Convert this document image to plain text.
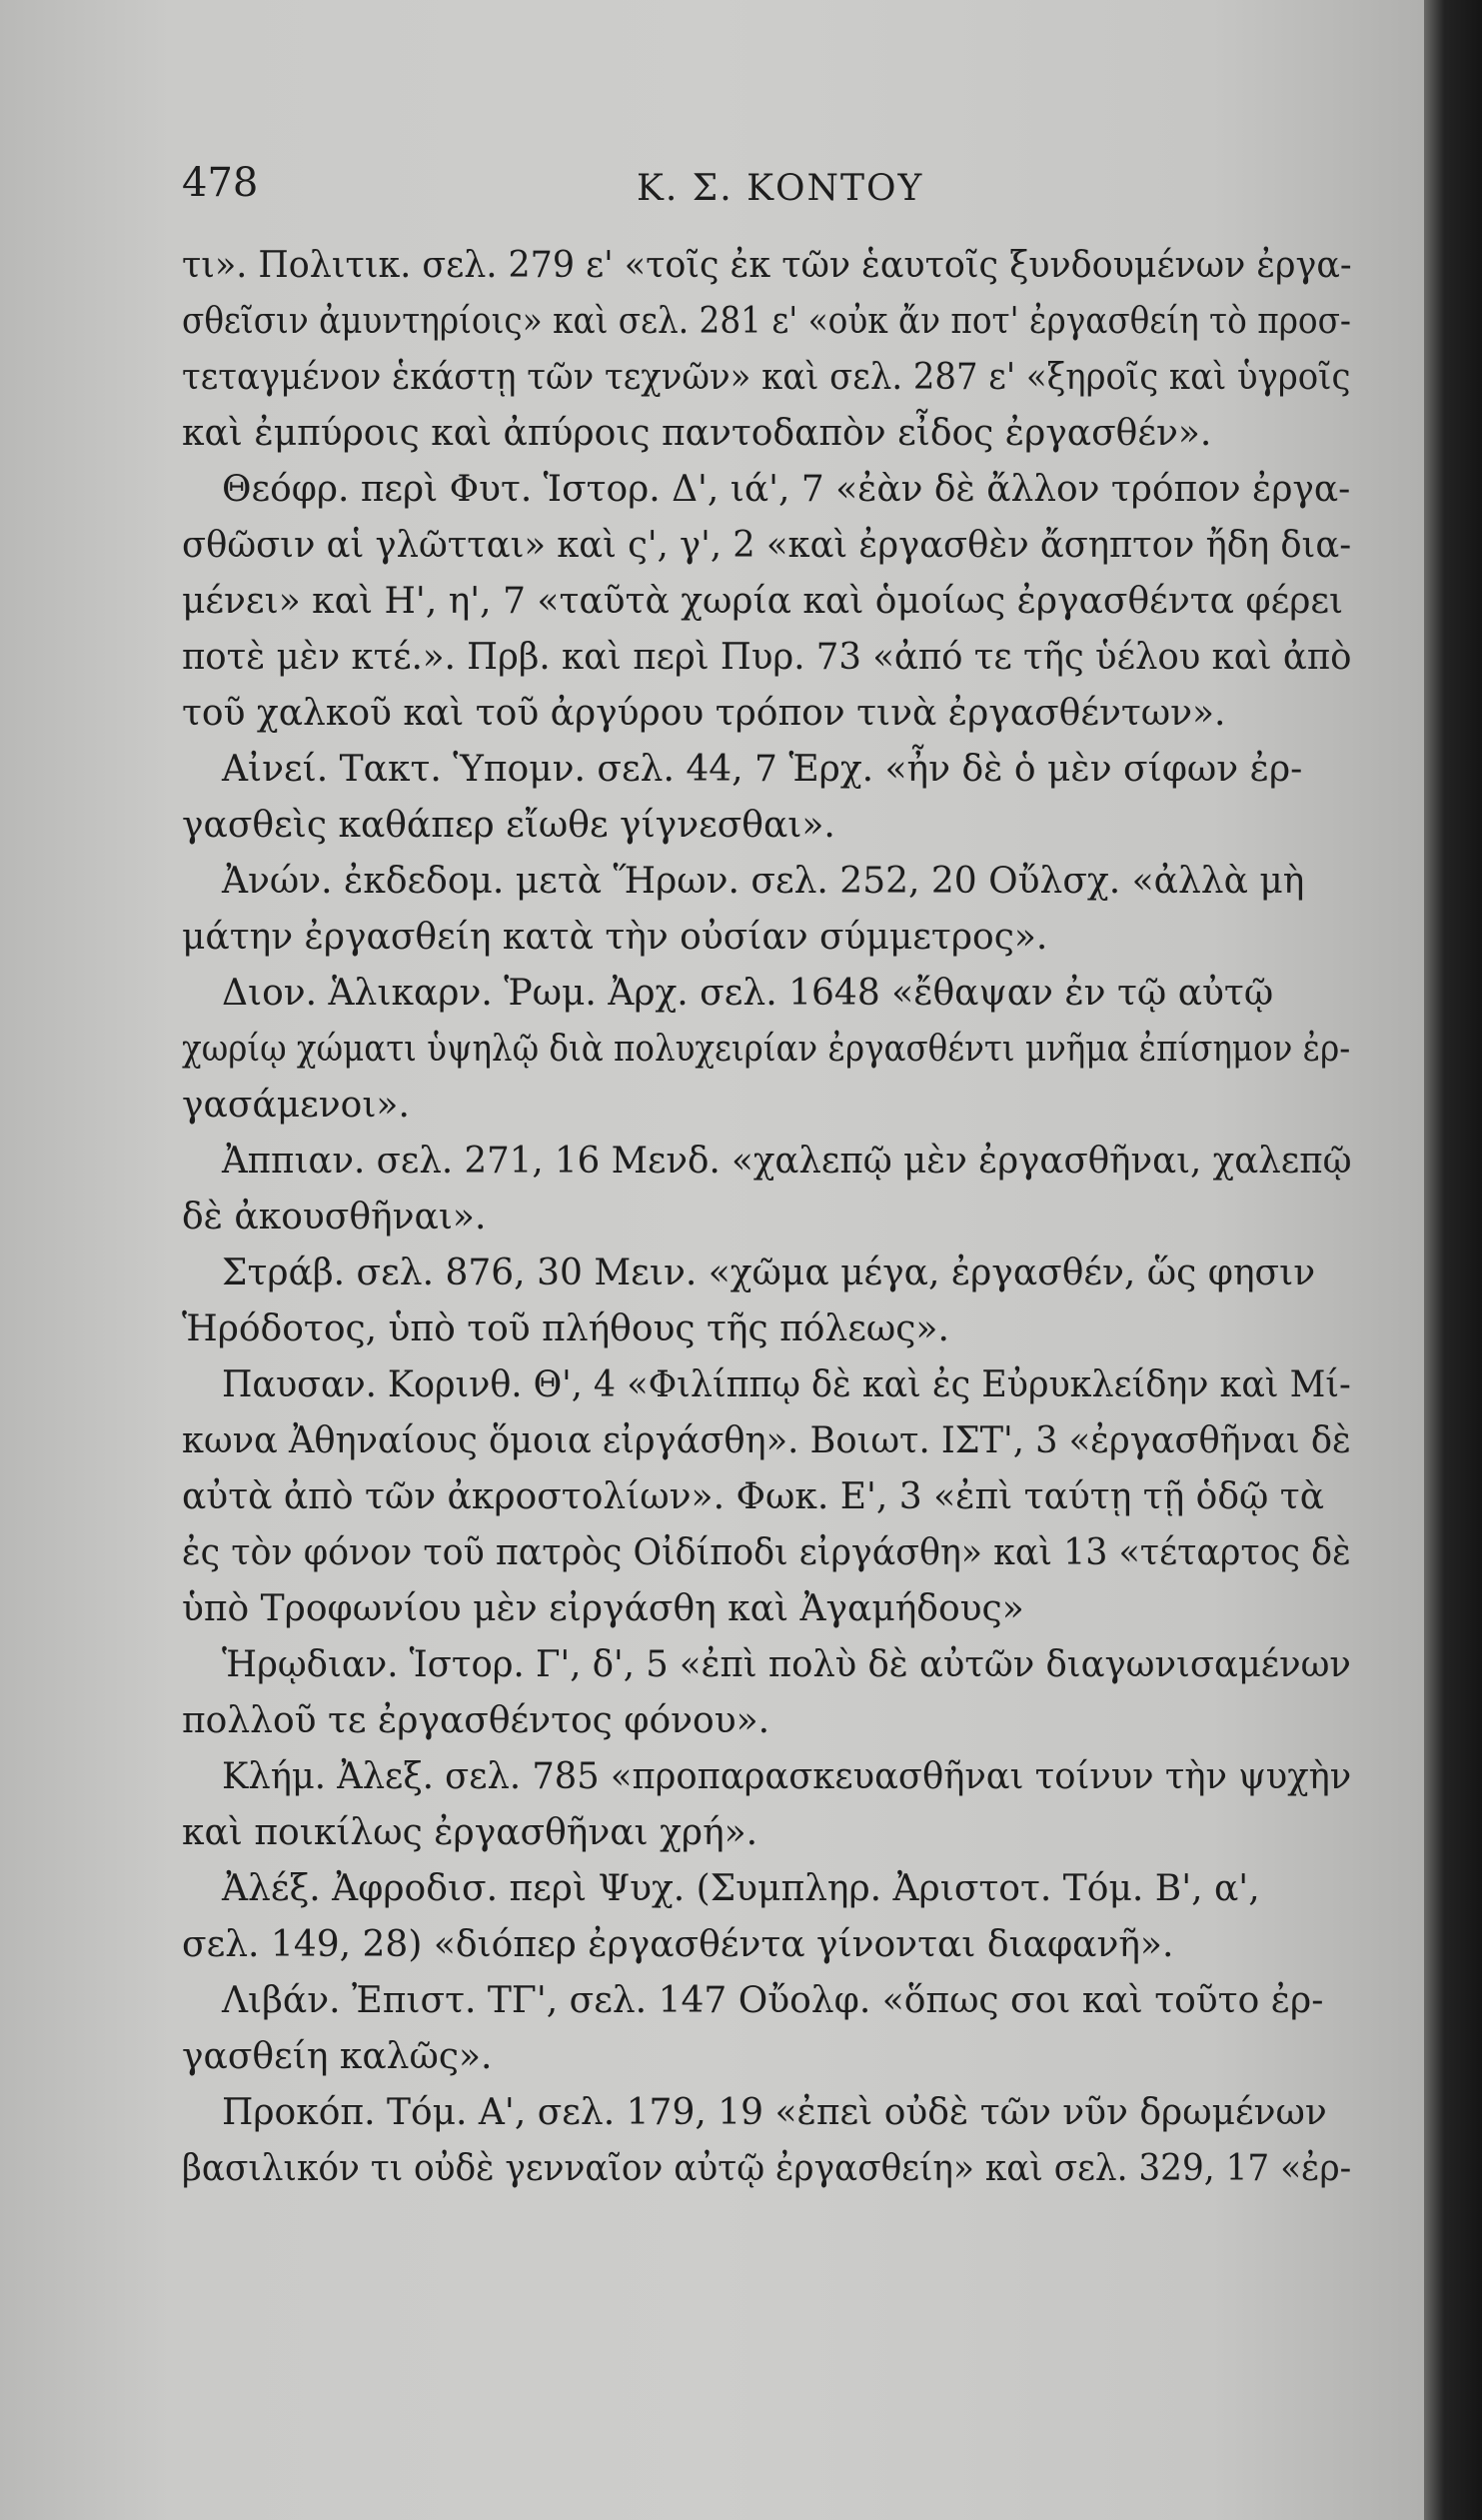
478	Κ. Σ. ΚΟΝΤΟΥ
τι». Πολιτικ. σελ. 279 ε' «τοῖς ἐκ τῶν ἑαυτοῖς ξυνδουμένων ἐργα-
σθεῖσιν ἀμυντηρίοις» καὶ σελ. 281 ε' «οὐκ ἄν ποτ' ἐργασθείη τὸ προσ-
τεταγμένον ἑκάστῃ τῶν τεχνῶν» καὶ σελ. 287 ε' «ξηροῖς καὶ ὑγροῖς
καὶ ἐμπύροις καὶ ἀπύροις παντοδαπὸν εἶδος ἐργασθέν».
Θεόφρ. περὶ Φυτ. Ἱστορ. Δ', ιά', 7 «ἐὰν δὲ ἄλλον τρόπον ἐργα-
σθῶσιν αἱ γλῶτται» καὶ ς', γ', 2 «καὶ ἐργασθὲν ἄσηπτον ἤδη δια-
μένει» καὶ Η', η', 7 «ταῦτὰ χωρία καὶ ὁμοίως ἐργασθέντα φέρει
ποτὲ μὲν κτέ.». Πρβ. καὶ περὶ Πυρ. 73 «ἀπό τε τῆς ὑέλου καὶ ἀπὸ
τοῦ χαλκοῦ καὶ τοῦ ἀργύρου τρόπον τινὰ ἐργασθέντων».
Αἰνεί. Τακτ. Ὑπομν. σελ. 44, 7 Ἑρχ. «ἦν δὲ ὁ μὲν σίφων ἐρ-
γασθεὶς καθάπερ εἴωθε γίγνεσθαι».
Ἀνών. ἐκδεδομ. μετὰ Ἥρων. σελ. 252, 20 Οὔλσχ. «ἀλλὰ μὴ
μάτην ἐργασθείη κατὰ τὴν οὐσίαν σύμμετρος».
Διον. Ἁλικαρν. Ῥωμ. Ἀρχ. σελ. 1648 «ἔθαψαν ἐν τῷ αὐτῷ
χωρίῳ χώματι ὑψηλῷ διὰ πολυχειρίαν ἐργασθέντι μνῆμα ἐπίσημον ἐρ-
γασάμενοι».
Ἀππιαν. σελ. 271, 16 Μενδ. «χαλεπῷ μὲν ἐργασθῆναι, χαλεπῷ
δὲ ἀκουσθῆναι».
Στράβ. σελ. 876, 30 Μειν. «χῶμα μέγα, ἐργασθέν, ὥς φησιν
Ἡρόδοτος, ὑπὸ τοῦ πλήθους τῆς πόλεως».
Παυσαν. Κορινθ. Θ', 4 «Φιλίππῳ δὲ καὶ ἐς Εὐρυκλείδην καὶ Μί-
κωνα Ἀθηναίους ὅμοια εἰργάσθη». Βοιωτ. ΙΣΤ', 3 «ἐργασθῆναι δὲ
αὐτὰ ἀπὸ τῶν ἀκροστολίων». Φωκ. Ε', 3 «ἐπὶ ταύτῃ τῇ ὁδῷ τὰ
ἐς τὸν φόνον τοῦ πατρὸς Οἰδίποδι εἰργάσθη» καὶ 13 «τέταρτος δὲ
ὑπὸ Τροφωνίου μὲν εἰργάσθη καὶ Ἀγαμήδους»
Ἡρῳδιαν. Ἱστορ. Γ', δ', 5 «ἐπὶ πολὺ δὲ αὐτῶν διαγωνισαμένων
πολλοῦ τε ἐργασθέντος φόνου».
Κλήμ. Ἀλεξ. σελ. 785 «προπαρασκευασθῆναι τοίνυν τὴν ψυχὴν
καὶ ποικίλως ἐργασθῆναι χρή».
Ἀλέξ. Ἀφροδισ. περὶ Ψυχ. (Συμπληρ. Ἀριστοτ. Τόμ. Β', α',
σελ. 149, 28) «διόπερ ἐργασθέντα γίνονται διαφανῆ».
Λιβάν. Ἐπιστ. ΤΓ', σελ. 147 Οὔολφ. «ὅπως σοι καὶ τοῦτο ἐρ-
γασθείη καλῶς».
Προκόπ. Τόμ. Α', σελ. 179, 19 «ἐπεὶ οὐδὲ τῶν νῦν δρωμένων
βασιλικόν τι οὐδὲ γενναῖον αὐτῷ ἐργασθείη» καὶ σελ. 329, 17 «ἐρ-
